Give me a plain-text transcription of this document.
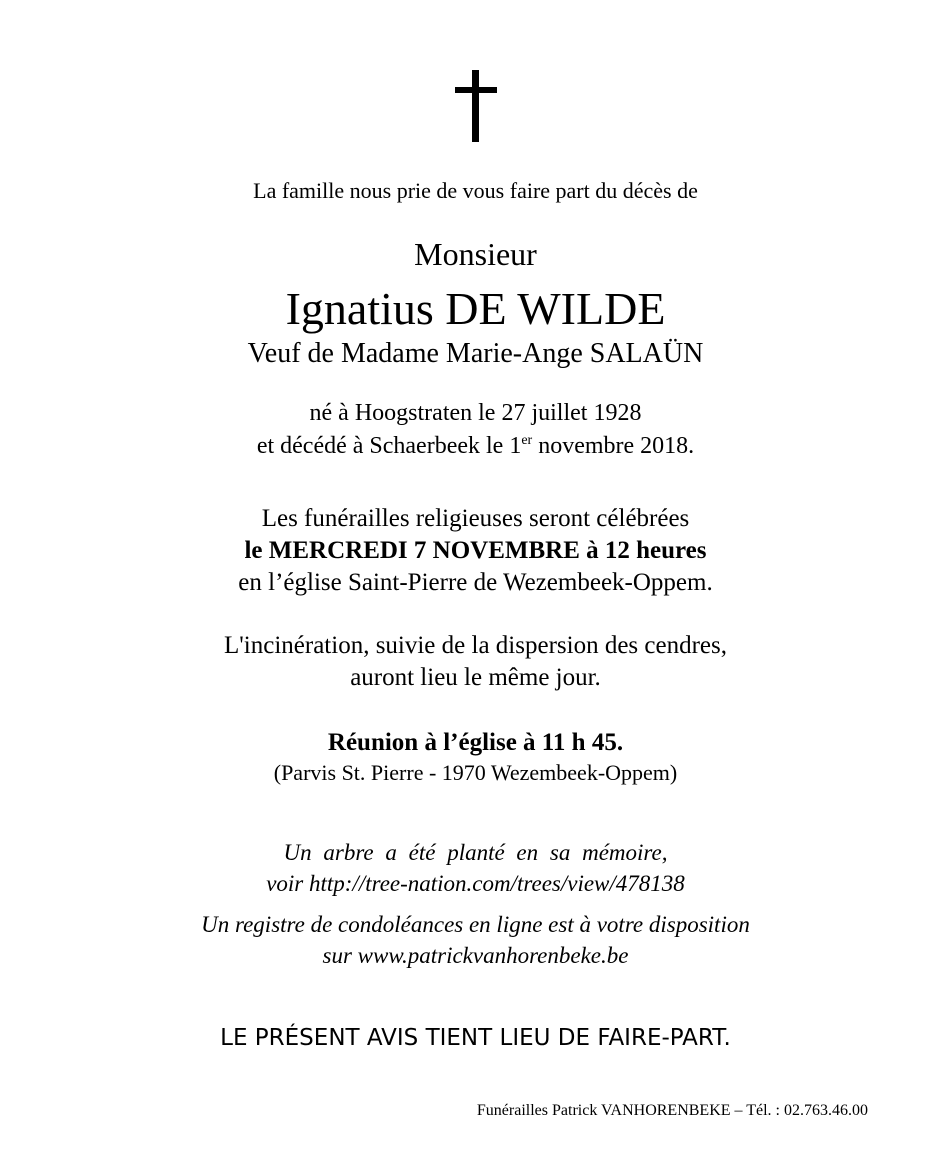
La famille nous prie de vous faire part du décès de
Monsieur
Ignatius DE WILDE
Veuf de Madame Marie-Ange SALAÜN
né à Hoogstraten le 27 juillet 1928
et décédé à Schaerbeek le 1er novembre 2018.
Les funérailles religieuses seront célébrées
le MERCREDI 7 NOVEMBRE à 12 heures
en l’église Saint-Pierre de Wezembeek-Oppem.
L'incinération, suivie de la dispersion des cendres,
auront lieu le même jour.
Réunion à l’église à 11 h 45.
(Parvis St. Pierre - 1970 Wezembeek-Oppem)
Un arbre a été planté en sa mémoire,
voir http://tree-nation.com/trees/view/478138
Un registre de condoléances en ligne est à votre disposition
sur www.patrickvanhorenbeke.be
LE PRÉSENT AVIS TIENT LIEU DE FAIRE-PART.
Funérailles Patrick VANHORENBEKE – Tél. : 02.763.46.00
